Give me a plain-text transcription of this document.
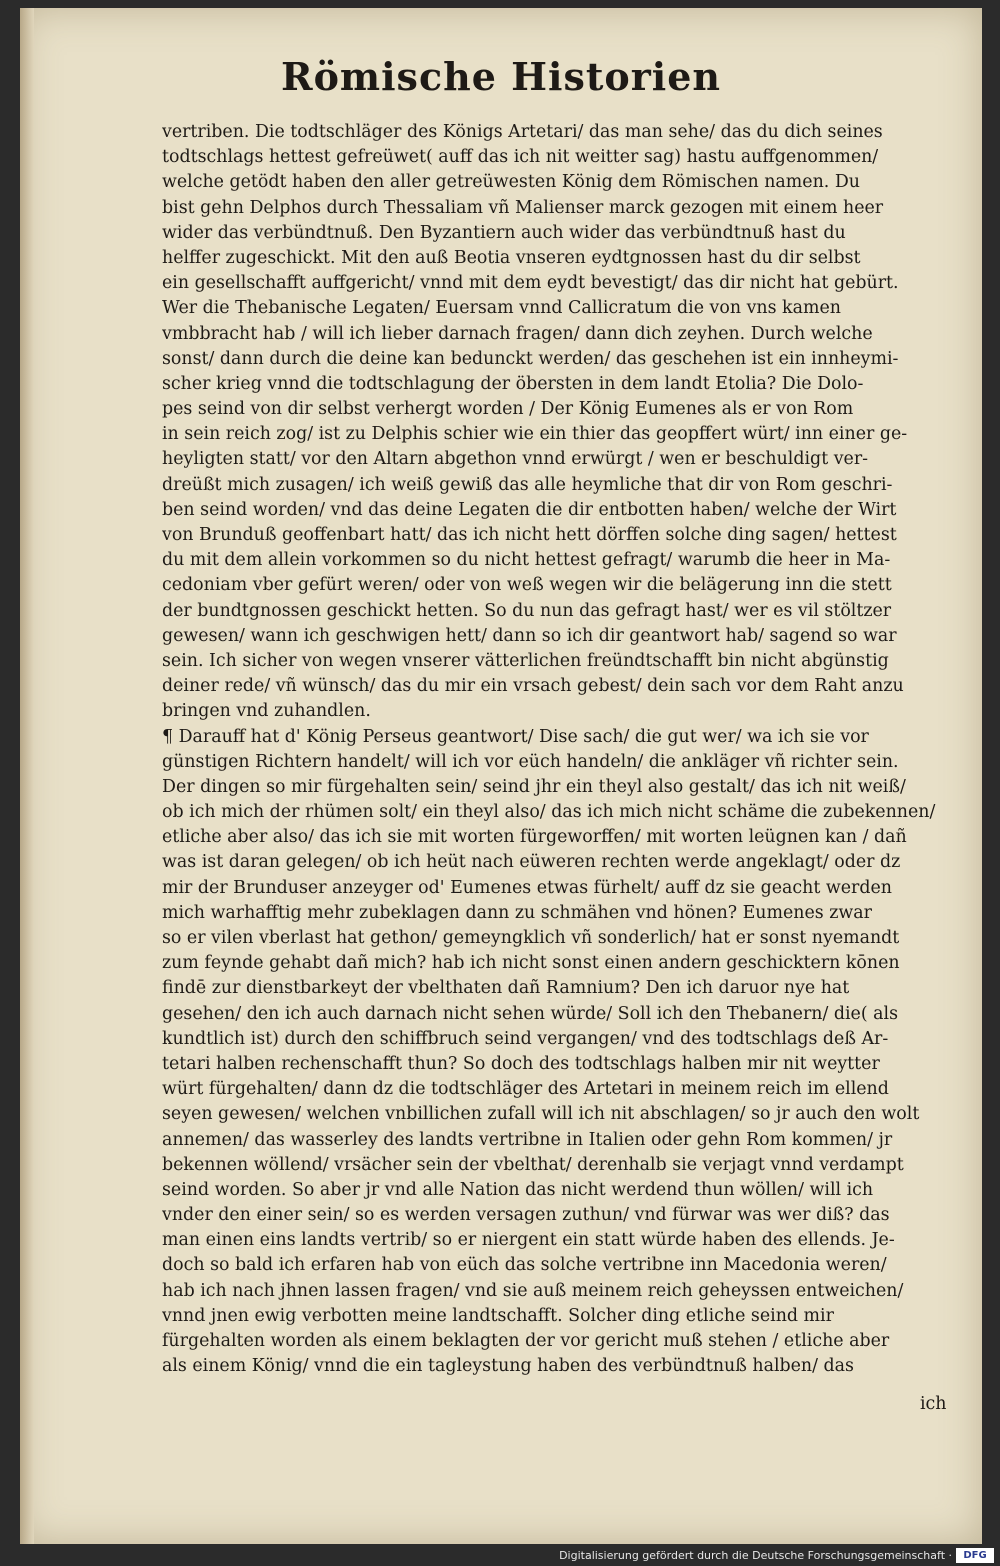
Römische Historien
vertriben. Die todtschläger des Königs Artetari/ das man sehe/ das du dich seines
todtschlags hettest gefreüwet( auff das ich nit weitter sag) hastu auffgenommen/
welche getödt haben den aller getreüwesten König dem Römischen namen. Du
bist gehn Delphos durch Thessaliam vñ Malienser marck gezogen mit einem heer
wider das verbündtnuß. Den Byzantiern auch wider das verbündtnuß hast du
helffer zugeschickt. Mit den auß Beotia vnseren eydtgnossen hast du dir selbst
ein gesellschafft auffgericht/ vnnd mit dem eydt bevestigt/ das dir nicht hat gebürt.
Wer die Thebanische Legaten/ Euersam vnnd Callicratum die von vns kamen
vmbbracht hab / will ich lieber darnach fragen/ dann dich zeyhen. Durch welche
sonst/ dann durch die deine kan bedunckt werden/ das geschehen ist ein innheymi-
scher krieg vnnd die todtschlagung der öbersten in dem landt Etolia? Die Dolo-
pes seind von dir selbst verhergt worden / Der König Eumenes als er von Rom
in sein reich zog/ ist zu Delphis schier wie ein thier das geopffert würt/ inn einer ge-
heyligten statt/ vor den Altarn abgethon vnnd erwürgt / wen er beschuldigt ver-
dreüßt mich zusagen/ ich weiß gewiß das alle heymliche that dir von Rom geschri-
ben seind worden/ vnd das deine Legaten die dir entbotten haben/ welche der Wirt
von Brunduß geoffenbart hatt/ das ich nicht hett dörffen solche ding sagen/ hettest
du mit dem allein vorkommen so du nicht hettest gefragt/ warumb die heer in Ma-
cedoniam vber gefürt weren/ oder von weß wegen wir die belägerung inn die stett
der bundtgnossen geschickt hetten. So du nun das gefragt hast/ wer es vil stöltzer
gewesen/ wann ich geschwigen hett/ dann so ich dir geantwort hab/ sagend so war
sein. Ich sicher von wegen vnserer vätterlichen freündtschafft bin nicht abgünstig
deiner rede/ vñ wünsch/ das du mir ein vrsach gebest/ dein sach vor dem Raht anzu
bringen vnd zuhandlen.
¶ Darauff hat d' König Perseus geantwort/ Dise sach/ die gut wer/ wa ich sie vor
günstigen Richtern handelt/ will ich vor eüch handeln/ die ankläger vñ richter sein.
Der dingen so mir fürgehalten sein/ seind jhr ein theyl also gestalt/ das ich nit weiß/
ob ich mich der rhümen solt/ ein theyl also/ das ich mich nicht schäme die zubekennen/
etliche aber also/ das ich sie mit worten fürgeworffen/ mit worten leügnen kan / dañ
was ist daran gelegen/ ob ich heüt nach eüweren rechten werde angeklagt/ oder dz
mir der Brunduser anzeyger od' Eumenes etwas fürhelt/ auff dz sie geacht werden
mich warhafftig mehr zubeklagen dann zu schmähen vnd hönen? Eumenes zwar
so er vilen vberlast hat gethon/ gemeyngklich vñ sonderlich/ hat er sonst nyemandt
zum feynde gehabt dañ mich? hab ich nicht sonst einen andern geschicktern kōnen
findē zur dienstbarkeyt der vbelthaten dañ Ramnium? Den ich daruor nye hat
gesehen/ den ich auch darnach nicht sehen würde/ Soll ich den Thebanern/ die( als
kundtlich ist) durch den schiffbruch seind vergangen/ vnd des todtschlags deß Ar-
tetari halben rechenschafft thun? So doch des todtschlags halben mir nit weytter
würt fürgehalten/ dann dz die todtschläger des Artetari in meinem reich im ellend
seyen gewesen/ welchen vnbillichen zufall will ich nit abschlagen/ so jr auch den wolt
annemen/ das wasserley des landts vertribne in Italien oder gehn Rom kommen/ jr
bekennen wöllend/ vrsächer sein der vbelthat/ derenhalb sie verjagt vnnd verdampt
seind worden. So aber jr vnd alle Nation das nicht werdend thun wöllen/ will ich
vnder den einer sein/ so es werden versagen zuthun/ vnd fürwar was wer diß? das
man einen eins landts vertrib/ so er niergent ein statt würde haben des ellends. Je-
doch so bald ich erfaren hab von eüch das solche vertribne inn Macedonia weren/
hab ich nach jhnen lassen fragen/ vnd sie auß meinem reich geheyssen entweichen/
vnnd jnen ewig verbotten meine landtschafft. Solcher ding etliche seind mir
fürgehalten worden als einem beklagten der vor gericht muß stehen / etliche aber
als einem König/ vnnd die ein tagleystung haben des verbündtnuß halben/ das
ich
Digitalisierung gefördert durch die Deutsche Forschungsgemeinschaft ·	DFG
